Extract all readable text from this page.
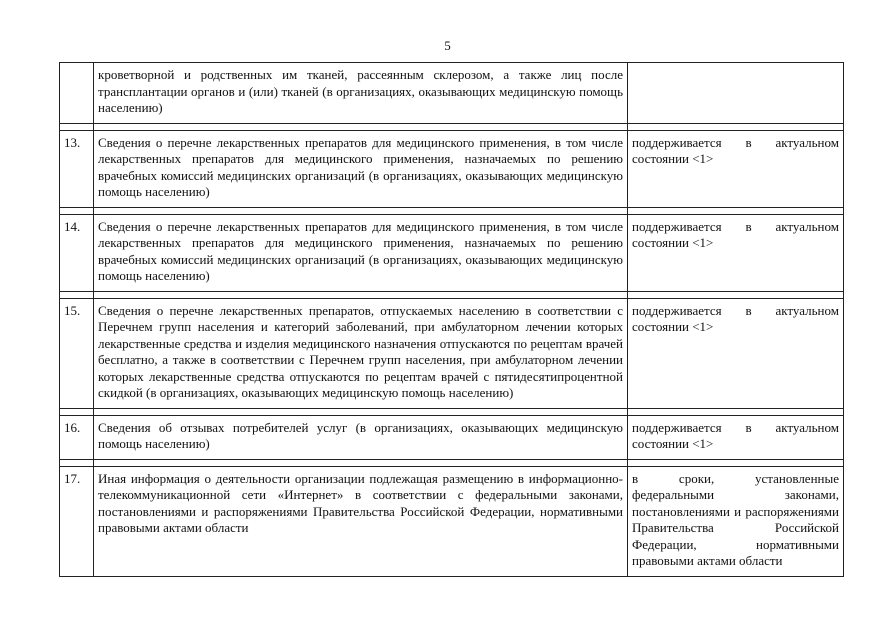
5
	кроветворной и родственных им тканей, рассеянным склерозом, а также лиц после трансплантации органов и (или) тканей (в организациях, оказывающих медицинскую помощь населению)	

13.	Сведения о перечне лекарственных препаратов для медицинского применения, в том числе лекарственных препаратов для медицинского применения, назначаемых по решению врачебных комиссий медицинских организаций (в организациях, оказывающих медицинскую помощь населению)	поддерживается в актуальном состоянии <1>

14.	Сведения о перечне лекарственных препаратов для медицинского применения, в том числе лекарственных препаратов для медицинского применения, назначаемых по решению врачебных комиссий медицинских организаций (в организациях, оказывающих медицинскую помощь населению)	поддерживается в актуальном состоянии <1>

15.	Сведения о перечне лекарственных препаратов, отпускаемых населению в соответствии с Перечнем групп населения и категорий заболеваний, при амбулаторном лечении которых лекарственные средства и изделия медицинского назначения отпускаются по рецептам врачей бесплатно, а также в соответствии с Перечнем групп населения, при амбулаторном лечении которых лекарственные средства отпускаются по рецептам врачей с пятидесятипроцентной скидкой (в организациях, оказывающих медицинскую помощь населению)	поддерживается в актуальном состоянии <1>

16.	Сведения об отзывах потребителей услуг (в организациях, оказывающих медицинскую помощь населению)	поддерживается в актуальном состоянии <1>

17.	Иная информация о деятельности организации подлежащая размещению в информационно-телекоммуникационной сети «Интернет» в соответствии с федеральными законами, постановлениями и распоряжениями Правительства Российской Федерации, нормативными правовыми актами области	в сроки, установленные федеральными законами, постановлениями и распоряжениями Правительства Российской Федерации, нормативными правовыми актами области
